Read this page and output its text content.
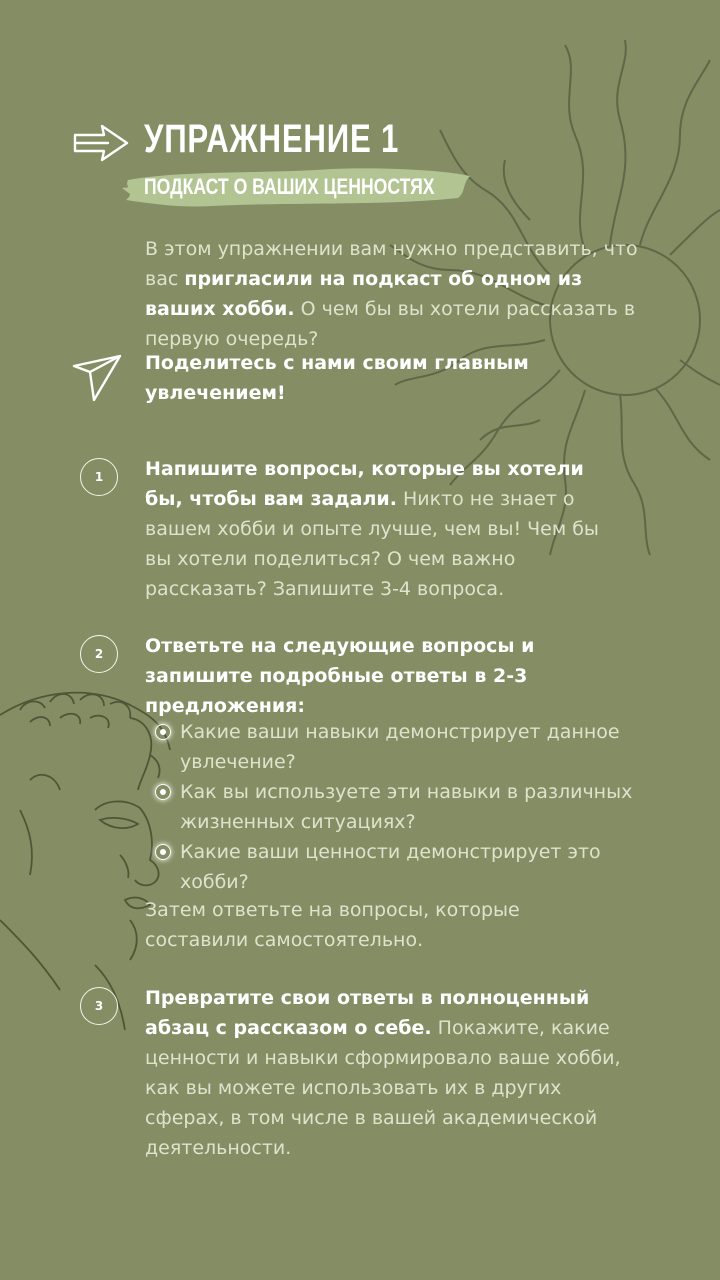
УПРАЖНЕНИЕ 1
ПОДКАСТ О ВАШИХ ЦЕННОСТЯХ

В этом упражнении вам нужно представить, что вас пригласили на подкаст об одном из ваших хобби. О чем бы вы хотели рассказать в первую очередь?

Поделитесь с нами своим главным увлечением!

1	Напишите вопросы, которые вы хотели бы, чтобы вам задали. Никто не знает о вашем хобби и опыте лучше, чем вы! Чем бы вы хотели поделиться? О чем важно рассказать? Запишите 3-4 вопроса.

2	Ответьте на следующие вопросы и запишите подробные ответы в 2-3 предложения:

Какие ваши навыки демонстрирует данное увлечение?
Как вы используете эти навыки в различных жизненных ситуациях?
Какие ваши ценности демонстрирует это хобби?

Затем ответьте на вопросы, которые составили самостоятельно.

3	Превратите свои ответы в полноценный абзац с рассказом о себе. Покажите, какие ценности и навыки сформировало ваше хобби, как вы можете использовать их в других сферах, в том числе в вашей академической деятельности.
